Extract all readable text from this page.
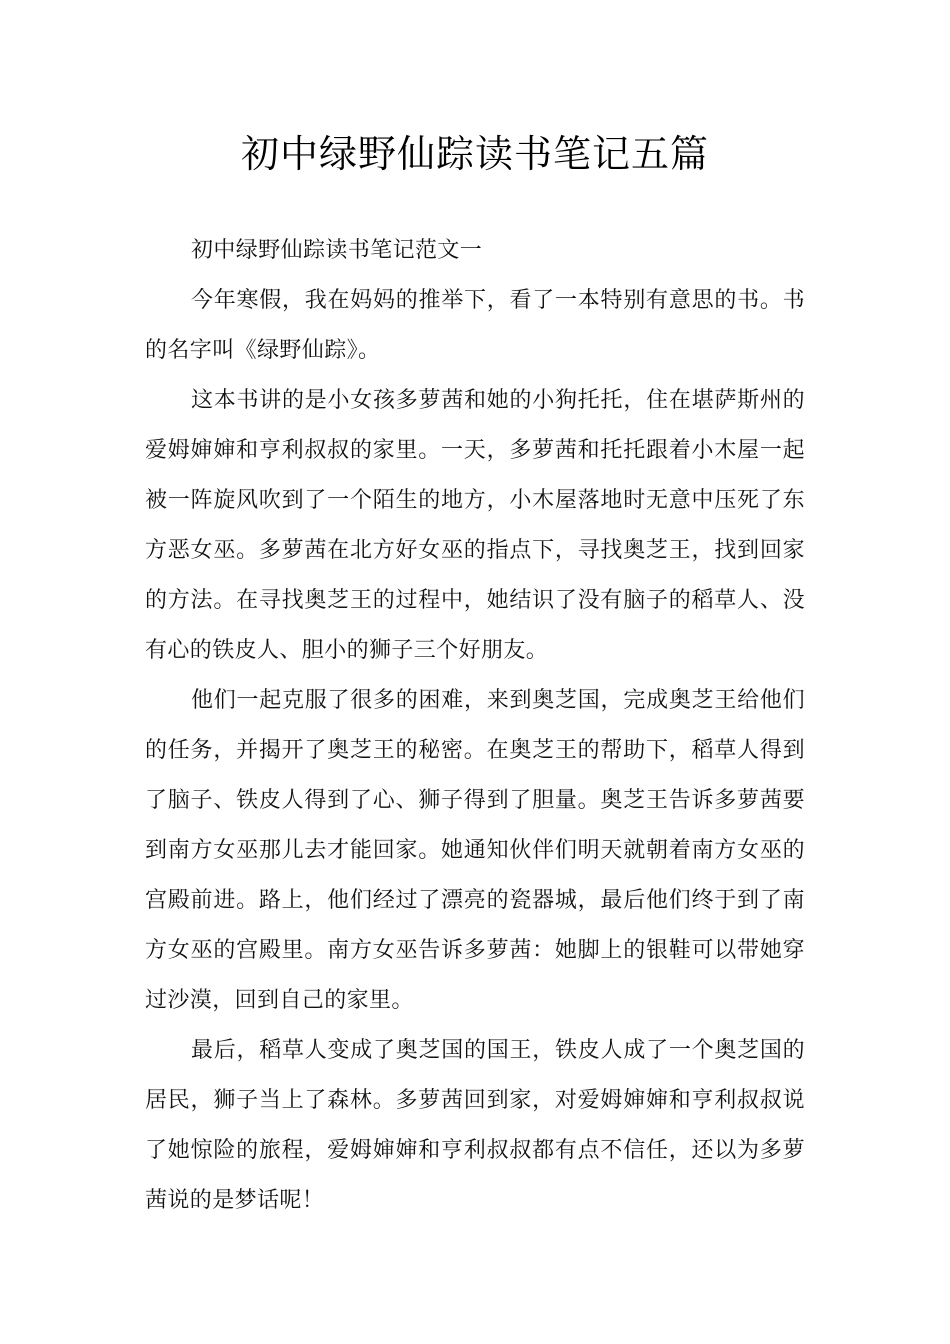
初中绿野仙踪读书笔记五篇

初中绿野仙踪读书笔记范文一

今年寒假，我在妈妈的推举下，看了一本特别有意思的书。书的名字叫《绿野仙踪》。

这本书讲的是小女孩多萝茜和她的小狗托托，住在堪萨斯州的爱姆婶婶和亨利叔叔的家里。一天，多萝茜和托托跟着小木屋一起被一阵旋风吹到了一个陌生的地方，小木屋落地时无意中压死了东方恶女巫。多萝茜在北方好女巫的指点下，寻找奥芝王，找到回家的方法。在寻找奥芝王的过程中，她结识了没有脑子的稻草人、没有心的铁皮人、胆小的狮子三个好朋友。

他们一起克服了很多的困难，来到奥芝国，完成奥芝王给他们的任务，并揭开了奥芝王的秘密。在奥芝王的帮助下，稻草人得到了脑子、铁皮人得到了心、狮子得到了胆量。奥芝王告诉多萝茜要到南方女巫那儿去才能回家。她通知伙伴们明天就朝着南方女巫的宫殿前进。路上，他们经过了漂亮的瓷器城，最后他们终于到了南方女巫的宫殿里。南方女巫告诉多萝茜：她脚上的银鞋可以带她穿过沙漠，回到自己的家里。

最后，稻草人变成了奥芝国的国王，铁皮人成了一个奥芝国的居民，狮子当上了森林。多萝茜回到家，对爱姆婶婶和亨利叔叔说了她惊险的旅程，爱姆婶婶和亨利叔叔都有点不信任，还以为多萝茜说的是梦话呢！
